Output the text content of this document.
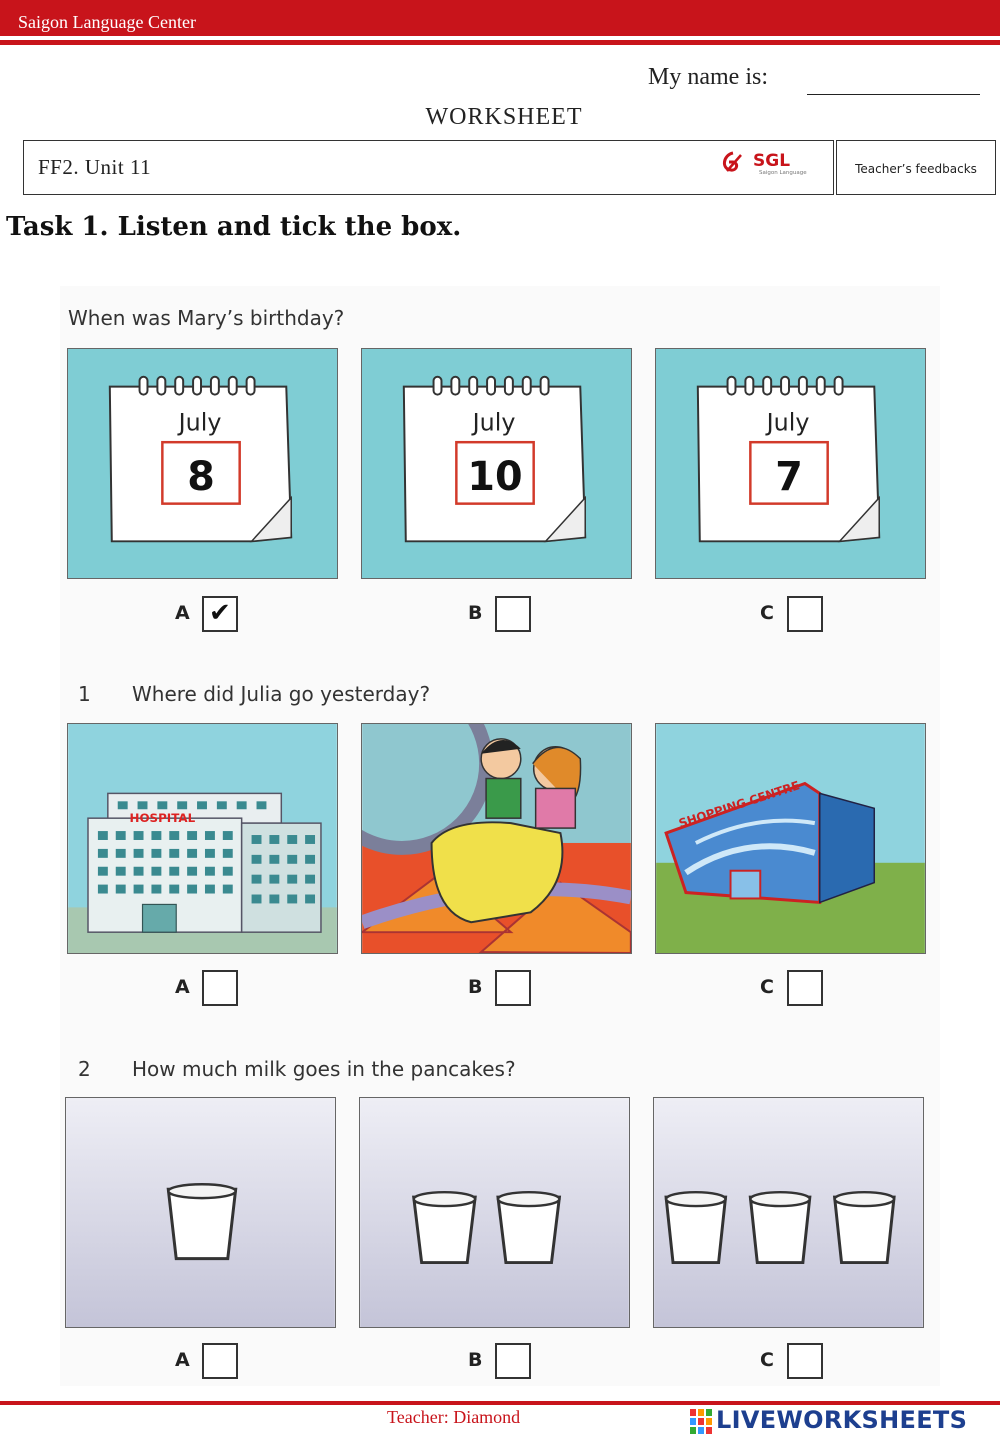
Saigon Language Center
My name is:
WORKSHEET
FF2. Unit 11	SGL
Saigon Language	Teacher’s feedbacks
Task 1. Listen and tick the box.
When was Mary’s birthday?
July
8
July
10
July
7
A ✔	B	C
1 Where did Julia go yesterday?
HOSPITAL	SHOPPING CENTRE
A	B	C
2 How much milk goes in the pancakes?
A	B	C
Teacher: Diamond	LIVEWORKSHEETS
